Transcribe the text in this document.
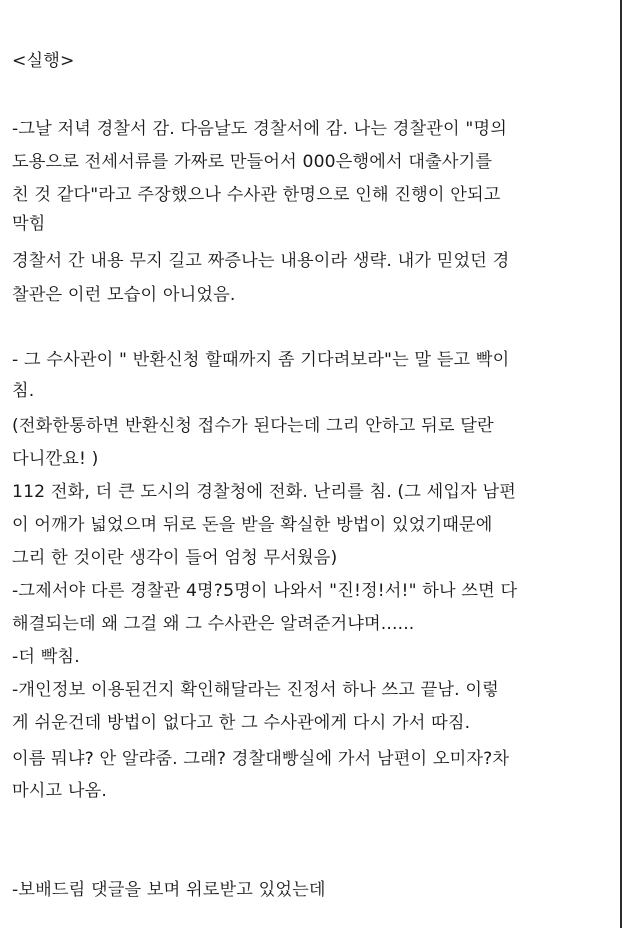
<실행>
-그날 저녁 경찰서 감. 다음날도 경찰서에 감. 나는 경찰관이 "명의
도용으로 전세서류를 가짜로 만들어서 000은행에서 대출사기를
친 것 같다"라고 주장했으나 수사관 한명으로 인해 진행이 안되고
막힘
경찰서 간 내용 무지 길고 짜증나는 내용이라 생략. 내가 믿었던 경
찰관은 이런 모습이 아니었음.
- 그 수사관이 " 반환신청 할때까지 좀 기다려보라"는 말 듣고 빡이
침.
(전화한통하면 반환신청 접수가 된다는데 그리 안하고 뒤로 달란
다니깐요! )
112 전화, 더 큰 도시의 경찰청에 전화. 난리를 침. (그 세입자 남편
이 어깨가 넓었으며 뒤로 돈을 받을 확실한 방법이 있었기때문에
그리 한 것이란 생각이 들어 엄청 무서웠음)
-그제서야 다른 경찰관 4명?5명이 나와서 "진!정!서!" 하나 쓰면 다
해결되는데 왜 그걸 왜 그 수사관은 알려준거냐며......
-더 빡침.
-개인정보 이용된건지 확인해달라는 진정서 하나 쓰고 끝남. 이렇
게 쉬운건데 방법이 없다고 한 그 수사관에게 다시 가서 따짐.
이름 뭐냐? 안 알랴줌. 그래? 경찰대빵실에 가서 남편이 오미자?차
마시고 나옴.
-보배드림 댓글을 보며 위로받고 있었는데
